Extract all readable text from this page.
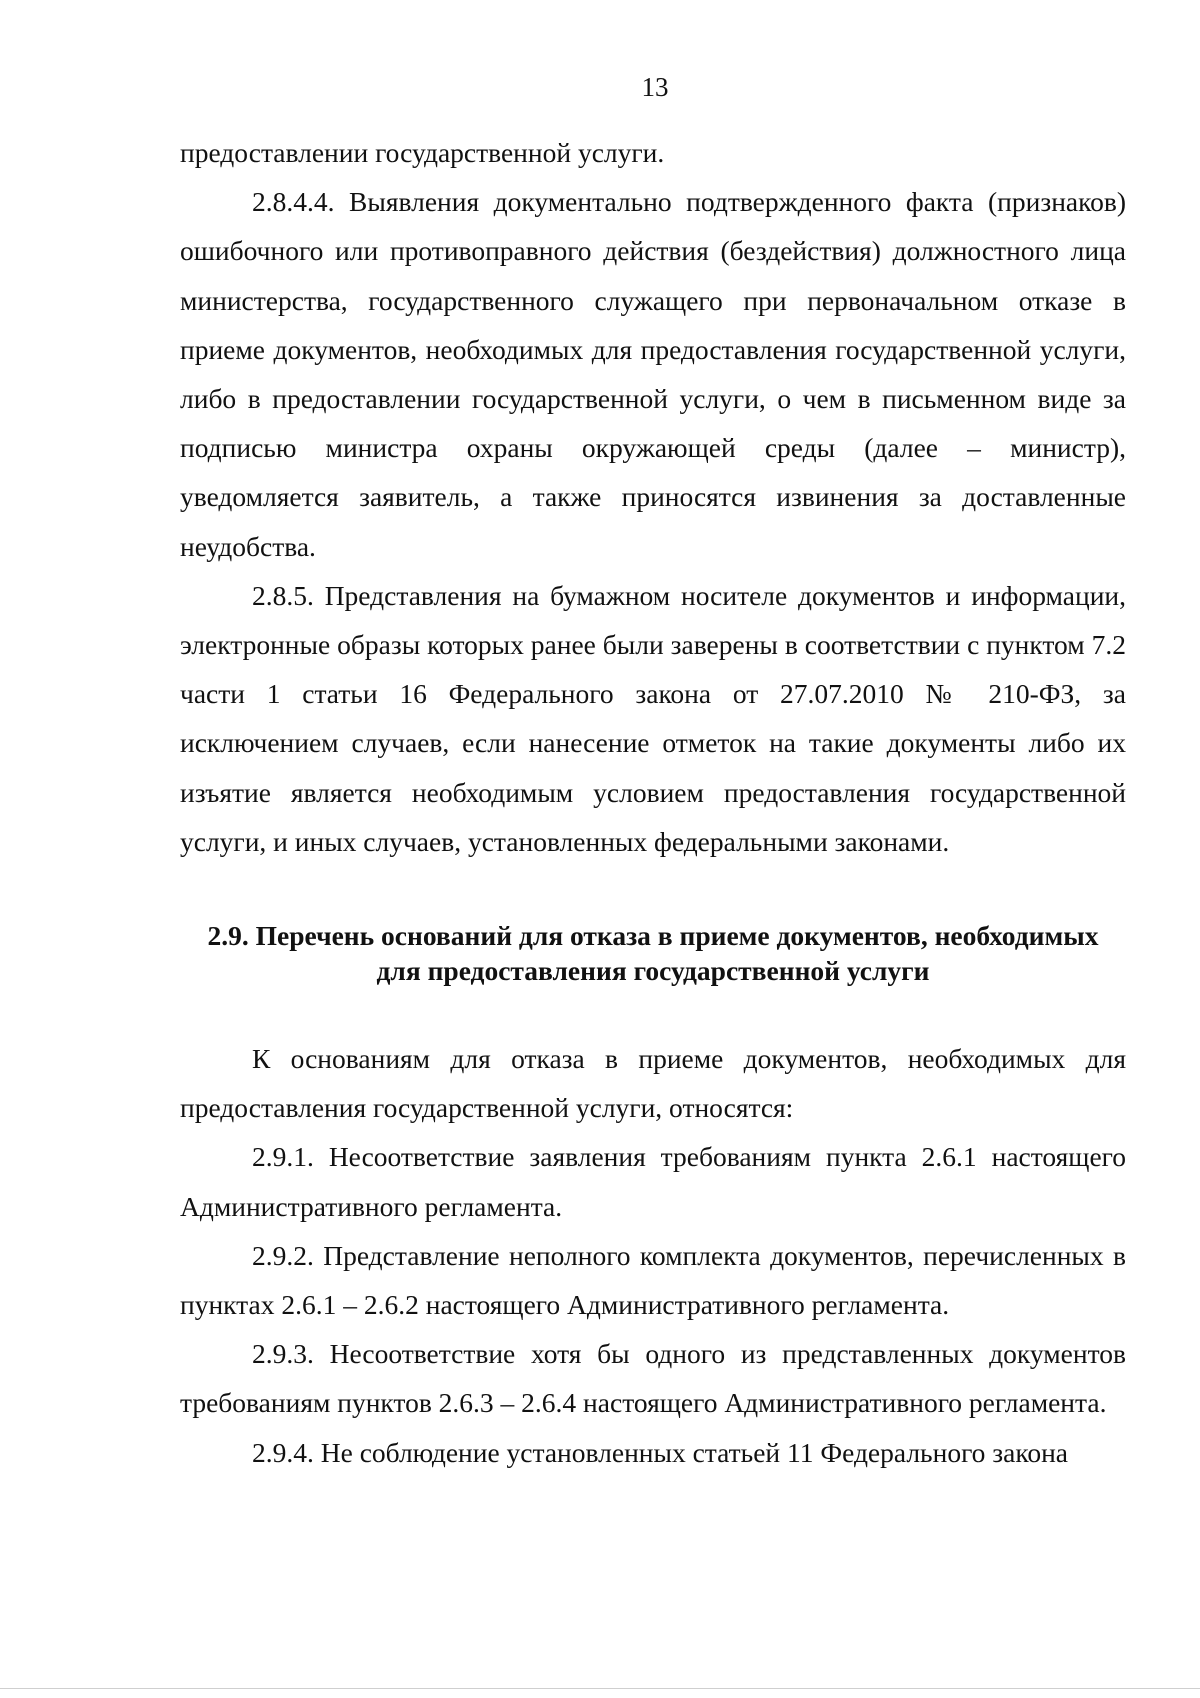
13

предоставлении государственной услуги.

2.8.4.4. Выявления документально подтвержденного факта (признаков) ошибочного или противоправного действия (бездействия) должностного лица министерства, государственного служащего при первоначальном отказе в приеме документов, необходимых для предоставления государственной услуги, либо в предоставлении государственной услуги, о чем в письменном виде за подписью министра охраны окружающей среды (далее – министр), уведомляется заявитель, а также приносятся извинения за доставленные неудобства.

2.8.5. Представления на бумажном носителе документов и информации, электронные образы которых ранее были заверены в соответствии с пунктом 7.2 части 1 статьи 16 Федерального закона от 27.07.2010 № 210-ФЗ, за исключением случаев, если нанесение отметок на такие документы либо их изъятие является необходимым условием предоставления государственной услуги, и иных случаев, установленных федеральными законами.

2.9. Перечень оснований для отказа в приеме документов, необходимых
для предоставления государственной услуги

К основаниям для отказа в приеме документов, необходимых для предоставления государственной услуги, относятся:

2.9.1. Несоответствие заявления требованиям пункта 2.6.1 настоящего Административного регламента.

2.9.2. Представление неполного комплекта документов, перечисленных в пунктах 2.6.1 – 2.6.2 настоящего Административного регламента.

2.9.3. Несоответствие хотя бы одного из представленных документов требованиям пунктов 2.6.3 – 2.6.4 настоящего Административного регламента.

2.9.4. Не соблюдение установленных статьей 11 Федерального закона
